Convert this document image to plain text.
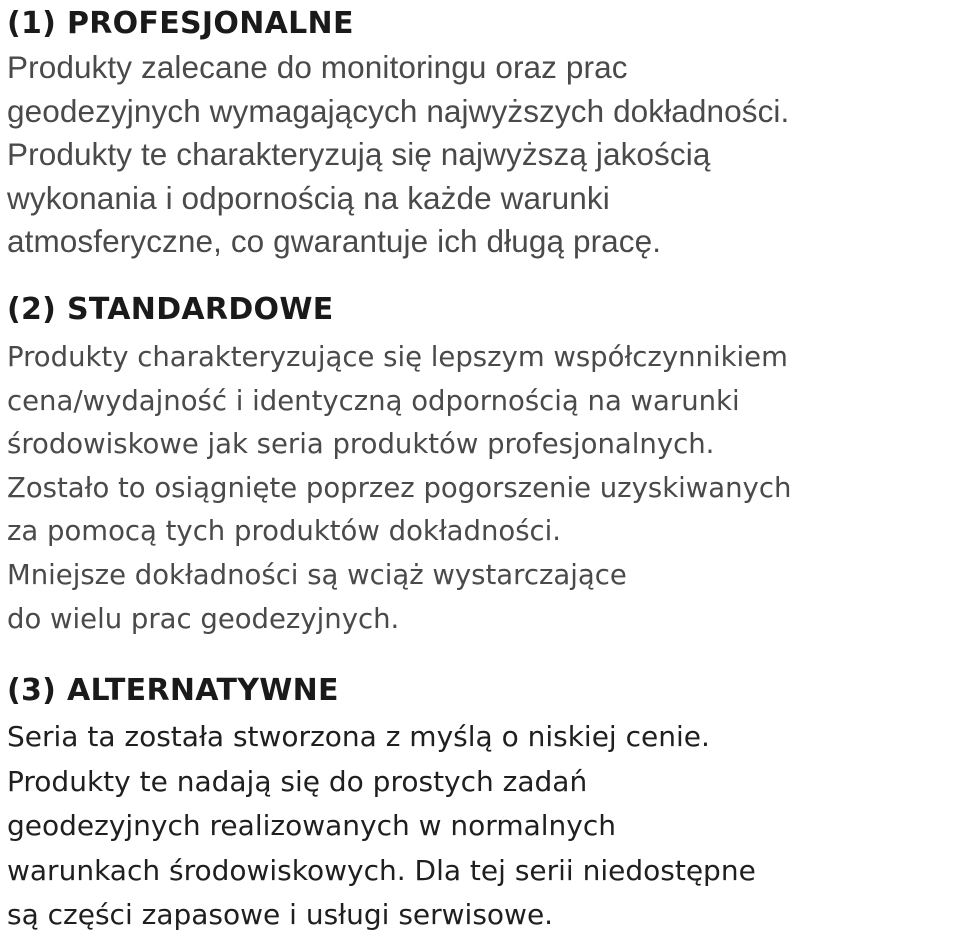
(1) PROFESJONALNE
Produkty zalecane do monitoringu oraz prac
geodezyjnych wymagających najwyższych dokładności.
Produkty te charakteryzują się najwyższą jakością
wykonania i odpornością na każde warunki
atmosferyczne, co gwarantuje ich długą pracę.
(2) STANDARDOWE
Produkty charakteryzujące się lepszym współczynnikiem
cena/wydajność i identyczną odpornością na warunki
środowiskowe jak seria produktów profesjonalnych.
Zostało to osiągnięte poprzez pogorszenie uzyskiwanych
za pomocą tych produktów dokładności.
Mniejsze dokładności są wciąż wystarczające
do wielu prac geodezyjnych.
(3) ALTERNATYWNE
Seria ta została stworzona z myślą o niskiej cenie.
Produkty te nadają się do prostych zadań
geodezyjnych realizowanych w normalnych
warunkach środowiskowych. Dla tej serii niedostępne
są części zapasowe i usługi serwisowe.
